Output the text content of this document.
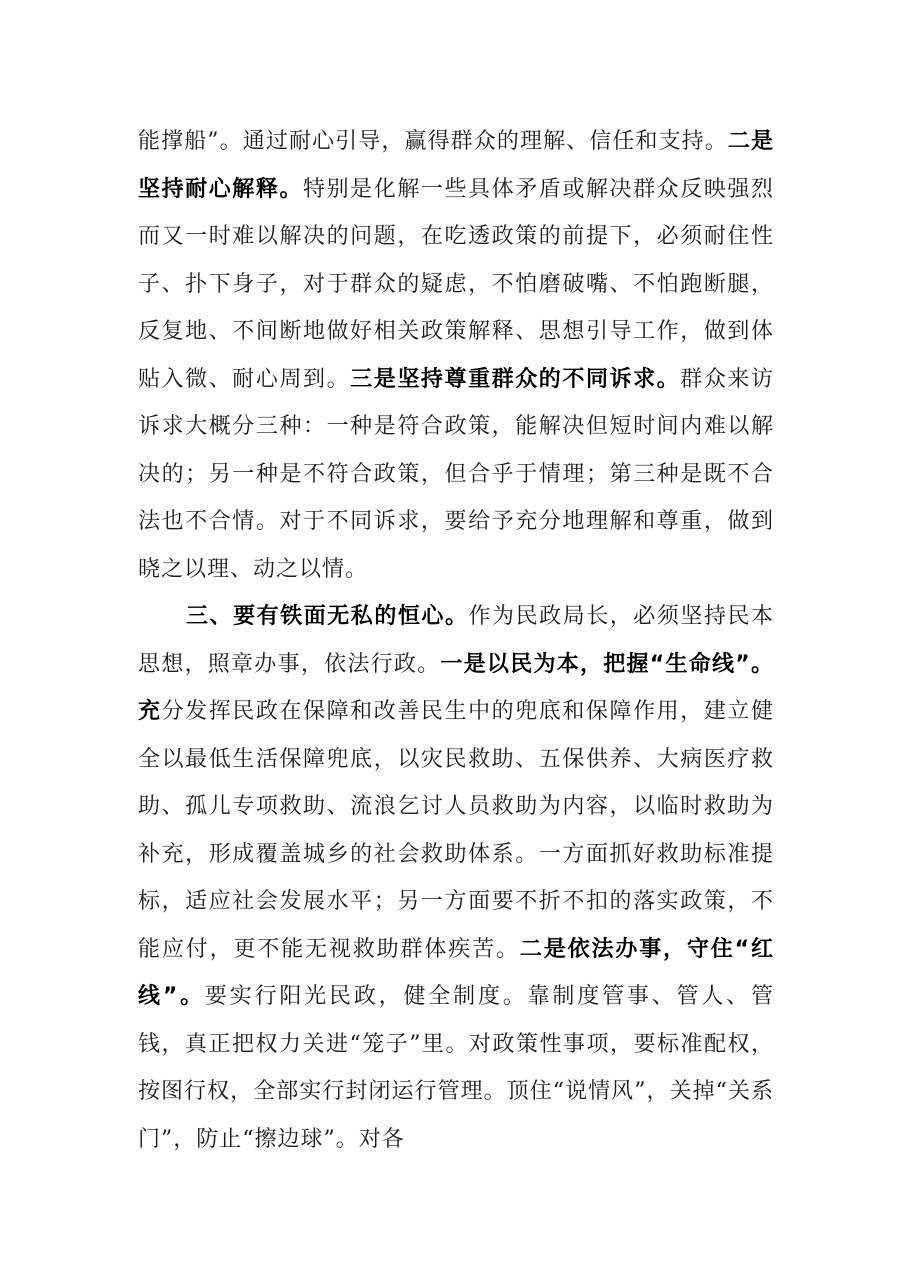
能撑船”。通过耐心引导，赢得群众的理解、信任和支持。二是坚持耐心解释。特别是化解一些具体矛盾或解决群众反映强烈而又一时难以解决的问题，在吃透政策的前提下，必须耐住性子、扑下身子，对于群众的疑虑，不怕磨破嘴、不怕跑断腿，反复地、不间断地做好相关政策解释、思想引导工作，做到体贴入微、耐心周到。三是坚持尊重群众的不同诉求。群众来访诉求大概分三种：一种是符合政策，能解决但短时间内难以解决的；另一种是不符合政策，但合乎于情理；第三种是既不合法也不合情。对于不同诉求，要给予充分地理解和尊重，做到晓之以理、动之以情。

三、要有铁面无私的恒心。作为民政局长，必须坚持民本思想，照章办事，依法行政。一是以民为本，把握“生命线”。充分发挥民政在保障和改善民生中的兜底和保障作用，建立健全以最低生活保障兜底，以灾民救助、五保供养、大病医疗救助、孤儿专项救助、流浪乞讨人员救助为内容，以临时救助为补充，形成覆盖城乡的社会救助体系。一方面抓好救助标准提标，适应社会发展水平；另一方面要不折不扣的落实政策，不能应付，更不能无视救助群体疾苦。二是依法办事，守住“红线”。要实行阳光民政，健全制度。靠制度管事、管人、管钱，真正把权力关进“笼子”里。对政策性事项，要标准配权，按图行权，全部实行封闭运行管理。顶住“说情风”，关掉“关系门”，防止“擦边球”。对各
